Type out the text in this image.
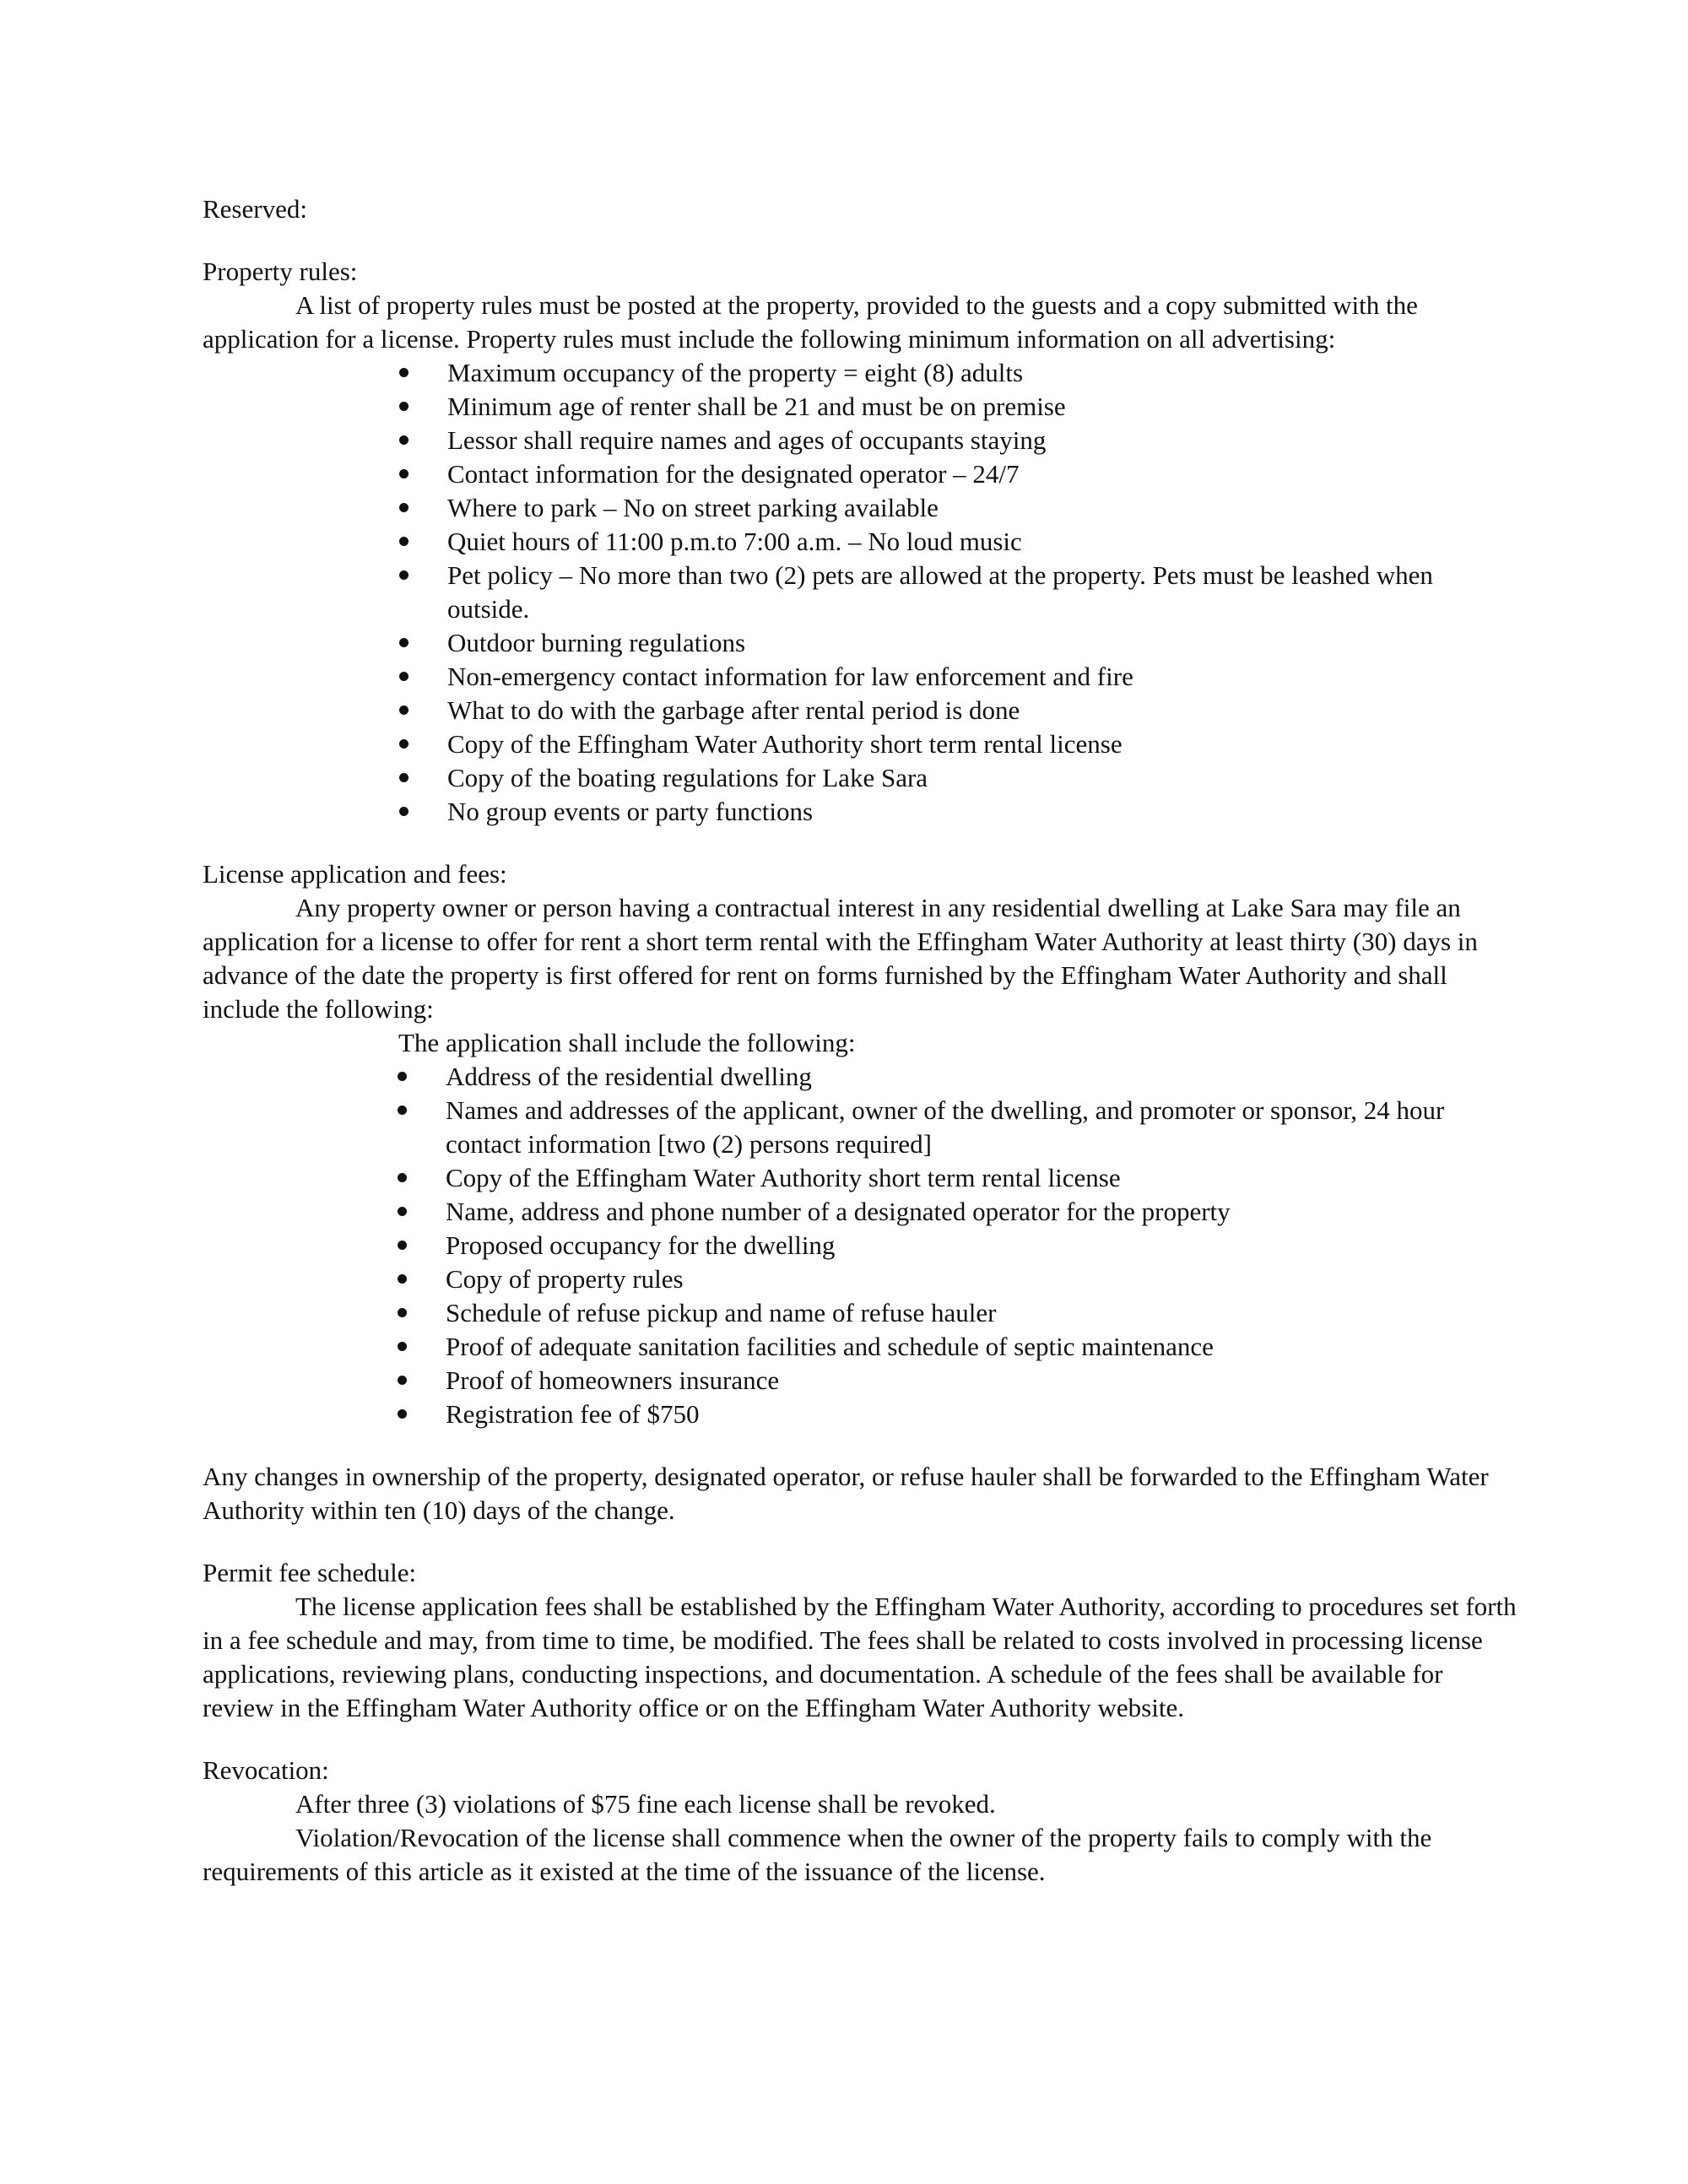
Reserved:

Property rules:

A list of property rules must be posted at the property, provided to the guests and a copy submitted with the application for a license. Property rules must include the following minimum information on all advertising:

Maximum occupancy of the property = eight (8) adults
Minimum age of renter shall be 21 and must be on premise
Lessor shall require names and ages of occupants staying
Contact information for the designated operator – 24/7
Where to park – No on street parking available
Quiet hours of 11:00 p.m.to 7:00 a.m. – No loud music
Pet policy – No more than two (2) pets are allowed at the property. Pets must be leashed when outside.
Outdoor burning regulations
Non-emergency contact information for law enforcement and fire
What to do with the garbage after rental period is done
Copy of the Effingham Water Authority short term rental license
Copy of the boating regulations for Lake Sara
No group events or party functions

License application and fees:

Any property owner or person having a contractual interest in any residential dwelling at Lake Sara may file an application for a license to offer for rent a short term rental with the Effingham Water Authority at least thirty (30) days in advance of the date the property is first offered for rent on forms furnished by the Effingham Water Authority and shall include the following:

The application shall include the following:

Address of the residential dwelling
Names and addresses of the applicant, owner of the dwelling, and promoter or sponsor, 24 hour contact information [two (2) persons required]
Copy of the Effingham Water Authority short term rental license
Name, address and phone number of a designated operator for the property
Proposed occupancy for the dwelling
Copy of property rules
Schedule of refuse pickup and name of refuse hauler
Proof of adequate sanitation facilities and schedule of septic maintenance
Proof of homeowners insurance
Registration fee of $750

Any changes in ownership of the property, designated operator, or refuse hauler shall be forwarded to the Effingham Water Authority within ten (10) days of the change.

Permit fee schedule:

The license application fees shall be established by the Effingham Water Authority, according to procedures set forth in a fee schedule and may, from time to time, be modified. The fees shall be related to costs involved in processing license applications, reviewing plans, conducting inspections, and documentation. A schedule of the fees shall be available for review in the Effingham Water Authority office or on the Effingham Water Authority website.

Revocation:

After three (3) violations of $75 fine each license shall be revoked.

Violation/Revocation of the license shall commence when the owner of the property fails to comply with the requirements of this article as it existed at the time of the issuance of the license.
